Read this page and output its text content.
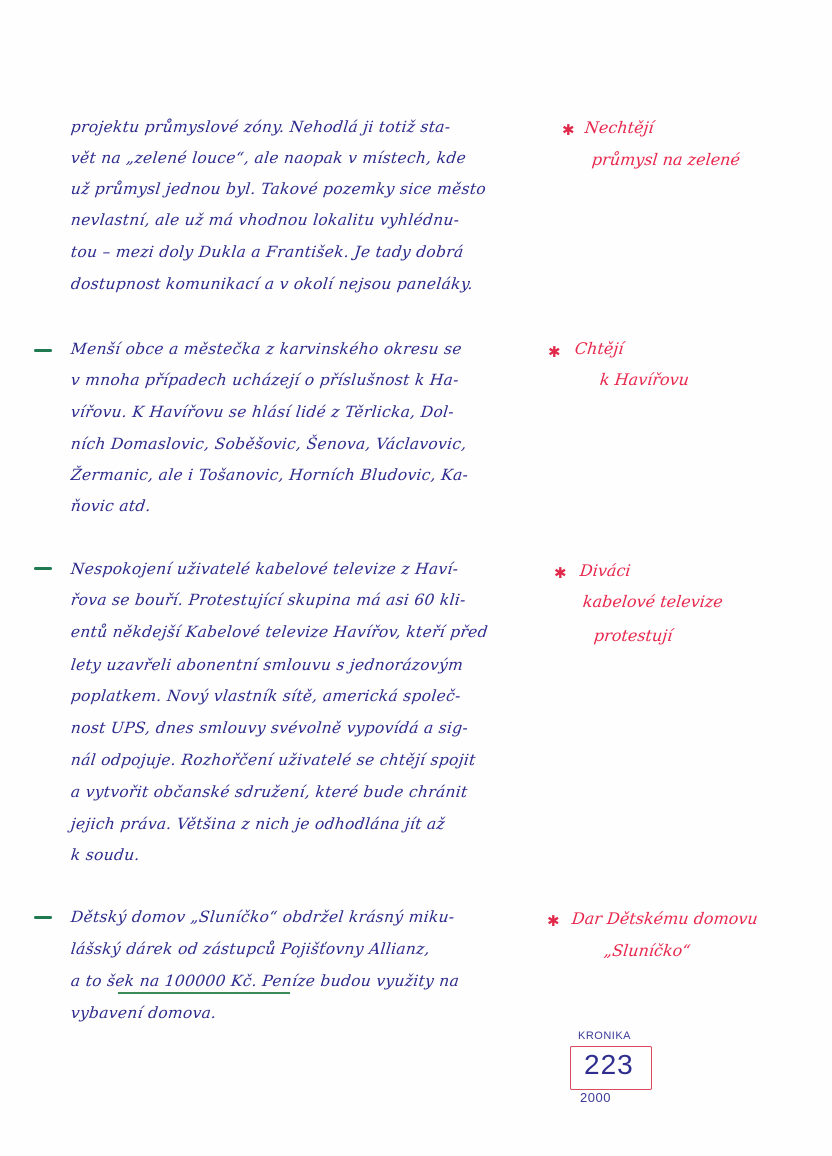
projektu průmyslové zóny. Nehodlá ji totiž sta-
vět na „zelené louce“, ale naopak v místech, kde
už průmysl jednou byl. Takové pozemky sice město
nevlastní, ale už má vhodnou lokalitu vyhlédnu-
tou – mezi doly Dukla a František. Je tady dobrá
dostupnost komunikací a v okolí nejsou paneláky.
✱ Nechtějí
průmysl na zelené
Menší obce a městečka z karvinského okresu se
v mnoha případech ucházejí o příslušnost k Ha-
vířovu. K Havířovu se hlásí lidé z Těrlicka, Dol-
ních Domaslovic, Soběšovic, Šenova, Václavovic,
Žermanic, ale i Tošanovic, Horních Bludovic, Ka-
ňovic atd.
✱ Chtějí
k Havířovu
Nespokojení uživatelé kabelové televize z Haví-
řova se bouří. Protestující skupina má asi 60 kli-
entů někdejší Kabelové televize Havířov, kteří před
lety uzavřeli abonentní smlouvu s jednorázovým
poplatkem. Nový vlastník sítě, americká společ-
nost UPS, dnes smlouvy svévolně vypovídá a sig-
nál odpojuje. Rozhořčení uživatelé se chtějí spojit
a vytvořit občanské sdružení, které bude chránit
jejich práva. Většina z nich je odhodlána jít až
k soudu.
✱ Diváci
kabelové televize
protestují
Dětský domov „Sluníčko“ obdržel krásný miku-
lášský dárek od zástupců Pojišťovny Allianz,
a to šek na 100000 Kč. Peníze budou využity na
vybavení domova.
✱ Dar Dětskému domovu
„Sluníčko“
KRONIKA
223
2000
